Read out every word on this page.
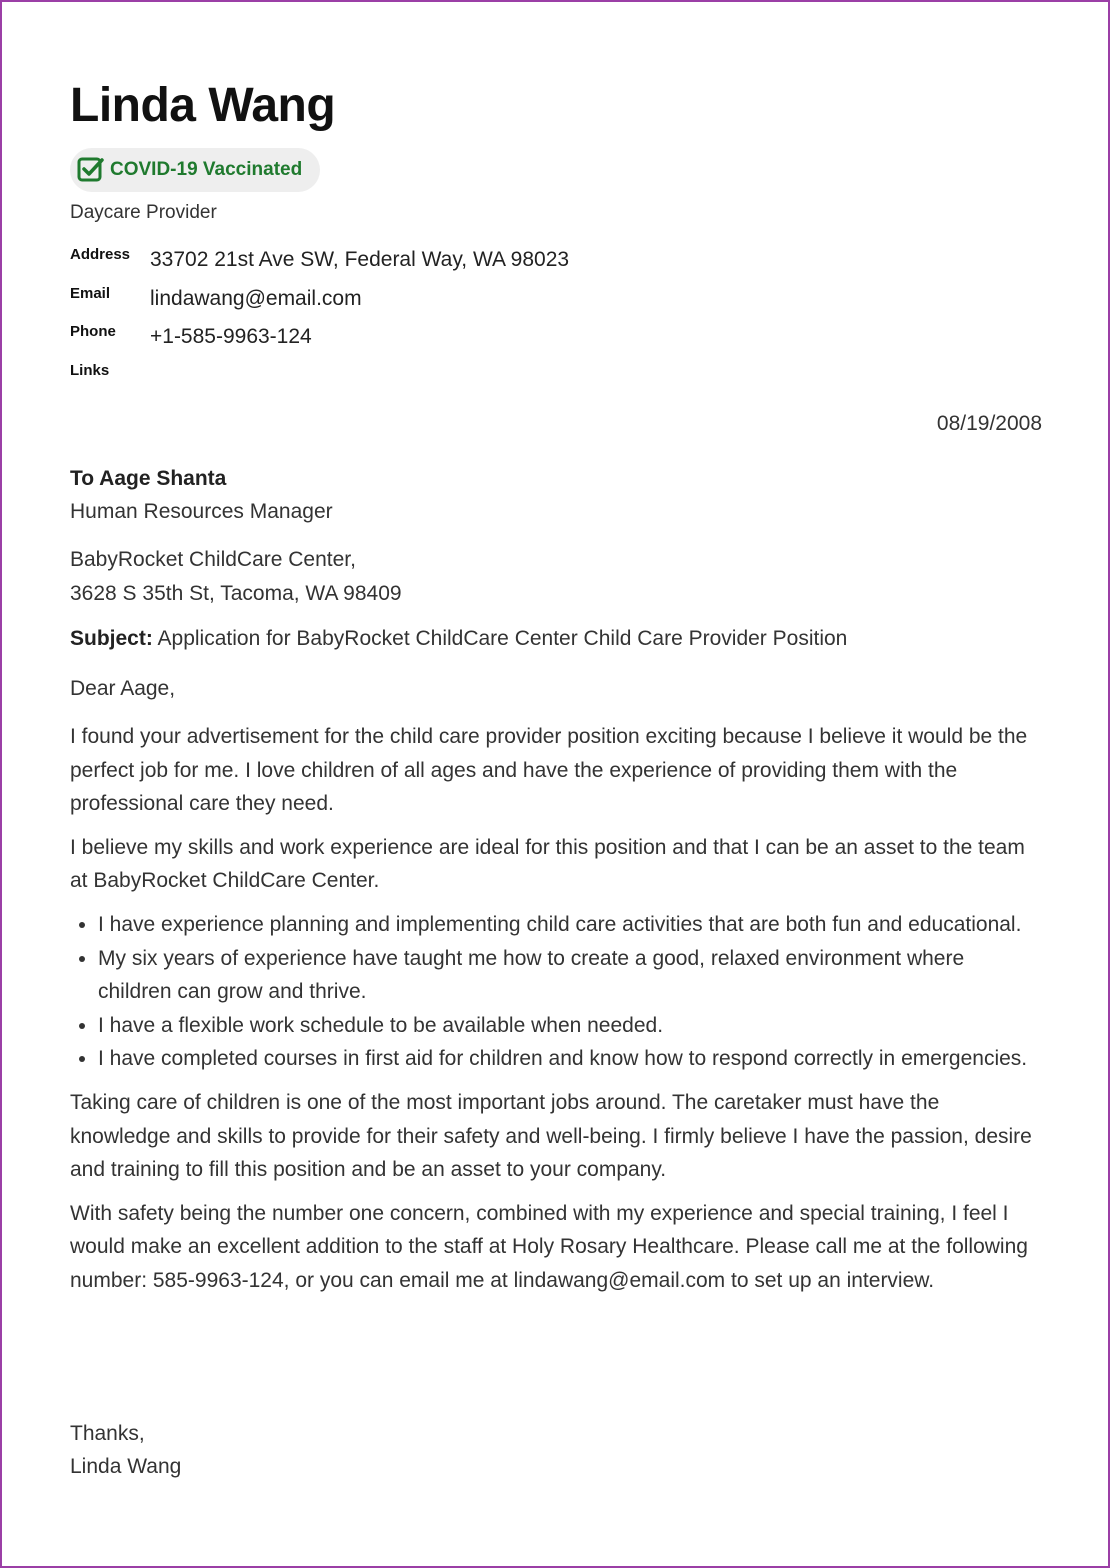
Linda Wang
COVID-19 Vaccinated
Daycare Provider
Address 33702 21st Ave SW, Federal Way, WA 98023
Email lindawang@email.com
Phone +1-585-9963-124
Links
08/19/2008
To Aage Shanta
Human Resources Manager
BabyRocket ChildCare Center,
3628 S 35th St, Tacoma, WA 98409
Subject: Application for BabyRocket ChildCare Center Child Care Provider Position
Dear Aage,

I found your advertisement for the child care provider position exciting because I believe it would be the perfect job for me. I love children of all ages and have the experience of providing them with the professional care they need.

I believe my skills and work experience are ideal for this position and that I can be an asset to the team at BabyRocket ChildCare Center.

• I have experience planning and implementing child care activities that are both fun and educational.
• My six years of experience have taught me how to create a good, relaxed environment where children can grow and thrive.
• I have a flexible work schedule to be available when needed.
• I have completed courses in first aid for children and know how to respond correctly in emergencies.

Taking care of children is one of the most important jobs around. The caretaker must have the knowledge and skills to provide for their safety and well-being. I firmly believe I have the passion, desire and training to fill this position and be an asset to your company.

With safety being the number one concern, combined with my experience and special training, I feel I would make an excellent addition to the staff at Holy Rosary Healthcare. Please call me at the following number: 585-9963-124, or you can email me at lindawang@email.com to set up an interview.

Thanks,
Linda Wang
